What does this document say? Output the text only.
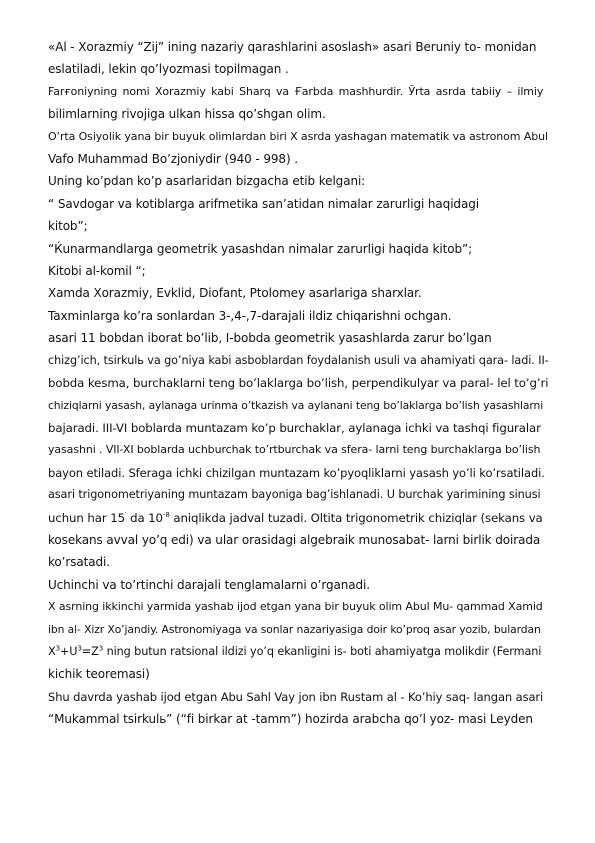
«Al - Xorazmiy “Zij” ining nazariy qarashlarini asoslash» asari Beruniy to- monidan
eslatiladi, lekin qo’lyozmasi topilmagan .
Farғoniyning nomi Xorazmiy kabi Sharq va Ғarbda mashhurdir. Ўrta asrda tabiiy – ilmiy
bilimlarning rivojiga ulkan hissa qo’shgan olim.
O’rta Osiyolik yana bir buyuk olimlardan biri X asrda yashagan matematik va astronom Abul
Vafo Muhammad Bo’zjoniydir (940 - 998) .
Uning ko’pdan ko’p asarlaridan bizgacha etib kelgani:
“ Savdogar va kotiblarga arifmetika san’atidan nimalar zarurligi haqidagi
kitob”;
“Ќunarmandlarga geometrik yasashdan nimalar zarurligi haqida kitob”;
Kitobi al-komil “;
Xamda Xorazmiy, Evklid, Diofant, Ptolomey asarlariga sharxlar.
Taxminlarga ko’ra sonlardan 3-,4-,7-darajali ildiz chiqarishni ochgan.
asari 11 bobdan iborat bo’lib, I-bobda geometrik yasashlarda zarur bo’lgan
chizg’ich, tsirkulь va go’niya kabi asboblardan foydalanish usuli va ahamiyati qara- ladi. II-
bobda kesma, burchaklarni teng bo’laklarga bo’lish, perpendikulyar va paral- lel to’g’ri
chiziqlarni yasash, aylanaga urinma o’tkazish va aylanani teng bo’laklarga bo’lish yasashlarni
bajaradi. III-VI boblarda muntazam ko’p burchaklar, aylanaga ichki va tashqi figuralar
yasashni . VII-XI boblarda uchburchak to’rtburchak va sfera- larni teng burchaklarga bo’lish
bayon etiladi. Sferaga ichki chizilgan muntazam ko’pyoqliklarni yasash yo’li ko’rsatiladi.
asari trigonometriyaning muntazam bayoniga bag’ishlanadi. U burchak yarimining sinusi
uchun har 15′ da $10^{-8}$ aniqlikda jadval tuzadi. Oltita trigonometrik chiziqlar (sekans va
kosekans avval yo’q edi) va ular orasidagi algebraik munosabat- larni birlik doirada
ko’rsatadi.
Uchinchi va to’rtinchi darajali tenglamalarni o’rganadi.
X asrning ikkinchi yarmida yashab ijod etgan yana bir buyuk olim Abul Mu- qammad Xamid
ibn al- Xizr Xo’jandiy. Astronomiyaga va sonlar nazariyasiga doir ko’proq asar yozib, bulardan
$X^3+U^3=Z^3$ ning butun ratsional ildizi yo’q ekanligini is- boti ahamiyatga molikdir (Fermani
kichik teoremasi)
Shu davrda yashab ijod etgan Abu Sahl Vay jon ibn Rustam al - Ko’hiy saq- langan asari
“Mukammal tsirkulь” (“fi birkar at -tamm”) hozirda arabcha qo’l yoz- masi Leyden
